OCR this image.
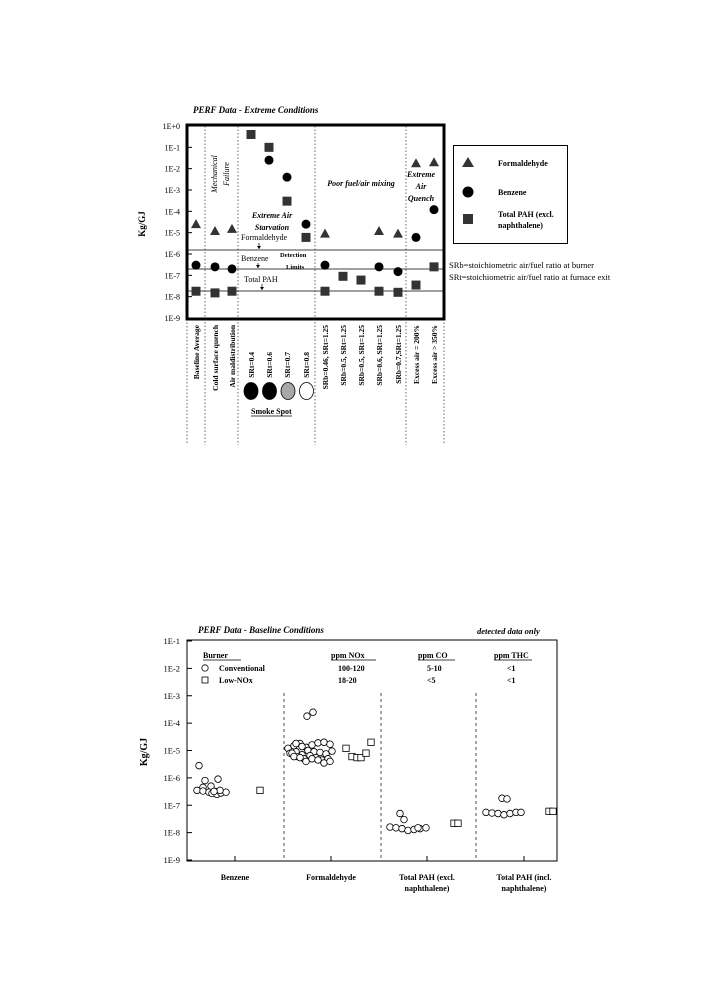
PERF Data - Extreme Conditions
Kg/GJ
1E+0
1E-1
1E-2
1E-3
1E-4
1E-5
1E-6
1E-7
1E-8
1E-9
Formaldehyde
Benzene
Total PAH
Detection
Limits
Mechanical Failure
Extreme Air
Starvation
Poor fuel/air mixing
Extreme
Air
Quench
Baseline Average Cold surface quench Air maldistribution SRt=0.4 SRt=0.6 SRt=0.7 SRt=0.8 SRb=0.46, SRt=1.25 SRb=0.5, SRt=1.25 SRb=0.5, SRt=1.25 SRb=0.6, SRt=1.25 SRb=0.7,SRt=1.25 Excess air = 200% Excess air > 350%
Smoke Spot
Formaldehyde
Benzene
Total PAH (excl.
naphthalene)
SRb=stoichiometric air/fuel ratio at burner
SRt=stoichiometric air/fuel ratio at furnace exit
PERF Data - Baseline Conditions	detected data only
Kg/GJ
1E-1
1E-2
1E-3
1E-4
1E-5
1E-6
1E-7
1E-8
1E-9
Burner	ppm NOx	ppm CO	ppm THC
Conventional	100-120	5-10	<1
Low-NOx	18-20	<5	<1
Benzene	Formaldehyde	Total PAH (excl.
naphthalene)
Total PAH (incl.
naphthalene)
